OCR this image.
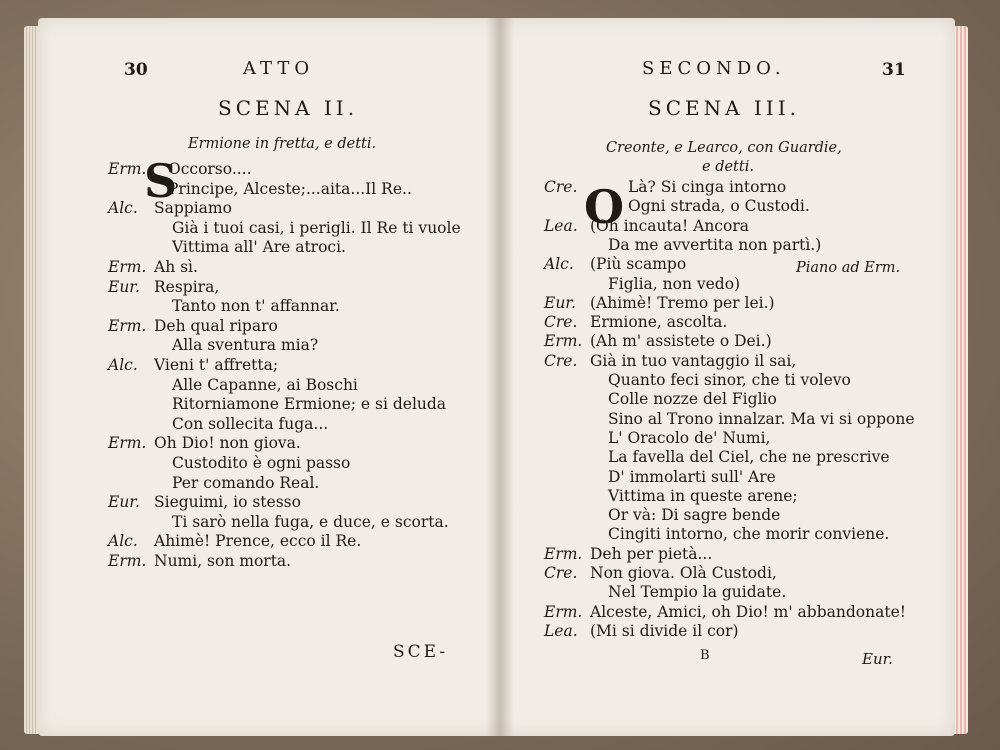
30	ATTO
SCENA II.
Ermione in fretta, e detti.
S
Erm. Occorso....
Principe, Alceste;...aita...Il Re..
Alc. Sappiamo
Già i tuoi casi, i perigli. Il Re ti vuole
Vittima all' Are atroci.
Erm. Ah sì.
Eur. Respira,
Tanto non t' affannar.
Erm. Deh qual riparo
Alla sventura mia?
Alc. Vieni t' affretta;
Alle Capanne, ai Boschi
Ritorniamone Ermione; e si deluda
Con sollecita fuga...
Erm. Oh Dio! non giova.
Custodito è ogni passo
Per comando Real.
Eur. Sieguimi, io stesso
Ti sarò nella fuga, e duce, e scorta.
Alc. Ahimè! Prence, ecco il Re.
Erm. Numi, son morta.
SCE-
31
SECONDO.
SCENA III.
Creonte, e Learco, con Guardie,
e detti.
O
Piano ad Erm.
Cre.	Là? Si cinga intorno
Ogni strada, o Custodi.
Lea. (Oh incauta! Ancora
Da me avvertita non partì.)
Alc. (Più scampo
Figlia, non vedo)
Eur. (Ahimè! Tremo per lei.)
Cre. Ermione, ascolta.
Erm. (Ah m' assistete o Dei.)
Cre. Già in tuo vantaggio il sai,
Quanto feci sinor, che ti volevo
Colle nozze del Figlio
Sino al Trono innalzar. Ma vi si oppone
L' Oracolo de' Numi,
La favella del Ciel, che ne prescrive
D' immolarti sull' Are
Vittima in queste arene;
Or và: Di sagre bende
Cingiti intorno, che morir conviene.
Erm. Deh per pietà...
Cre. Non giova. Olà Custodi,
Nel Tempio la guidate.
Erm. Alceste, Amici, oh Dio! m' abbandonate!
Lea. (Mi si divide il cor)
B	Eur.
